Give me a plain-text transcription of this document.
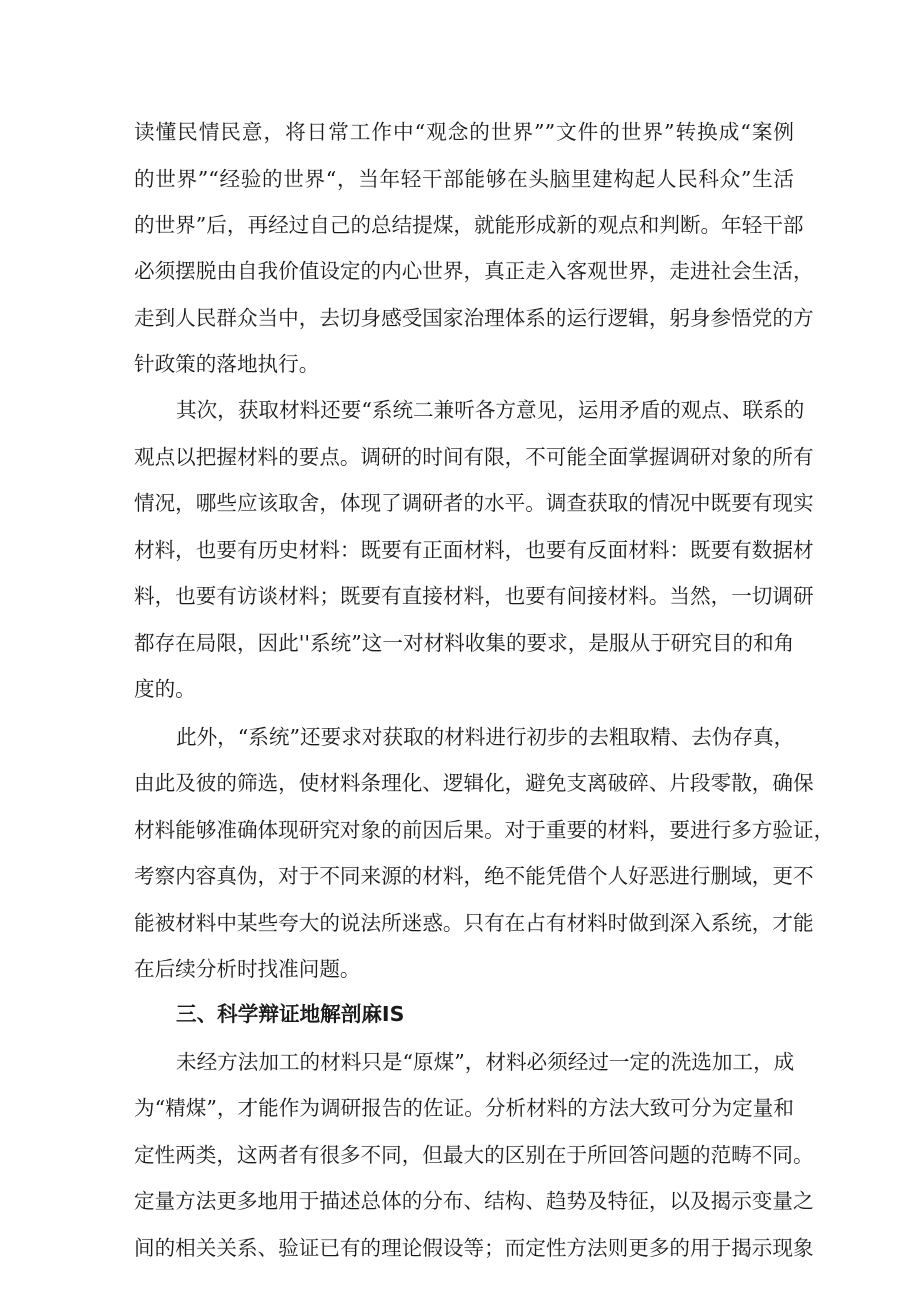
读懂民情民意，将日常工作中“观念的世界””文件的世界”转换成“案例
的世界”“经验的世界“，当年轻干部能够在头脑里建构起人民科众”生活
的世界”后，再经过自己的总结提煤，就能形成新的观点和判断。年轻干部
必须摆脱由自我价值设定的内心世界，真正走入客观世界，走进社会生活，
走到人民群众当中，去切身感受国家治理体系的运行逻辑，躬身参悟党的方
针政策的落地执行。
其次，获取材料还要“系统二兼听各方意见，运用矛盾的观点、联系的
观点以把握材料的要点。调研的时间有限，不可能全面掌握调研对象的所有
情况，哪些应该取舍，体现了调研者的水平。调查获取的情况中既要有现实
材料，也要有历史材料：既要有正面材料，也要有反面材料：既要有数据材
料，也要有访谈材料；既要有直接材料，也要有间接材料。当然，一切调研
都存在局限，因此''系统”这一对材料收集的要求，是服从于研究目的和角
度的。
此外，“系统”还要求对获取的材料进行初步的去粗取精、去伪存真，
由此及彼的筛选，使材料条理化、逻辑化，避免支离破碎、片段零散，确保
材料能够准确体现研究对象的前因后果。对于重要的材料，要进行多方验证，
考察内容真伪，对于不同来源的材料，绝不能凭借个人好恶进行删域，更不
能被材料中某些夸大的说法所迷惑。只有在占有材料时做到深入系统，才能
在后续分析时找准问题。
三、科学辩证地解剖麻IS
未经方法加工的材料只是“原煤”，材料必须经过一定的洗选加工，成
为“精煤”，才能作为调研报告的佐证。分析材料的方法大致可分为定量和
定性两类，这两者有很多不同，但最大的区别在于所回答问题的范畴不同。
定量方法更多地用于描述总体的分布、结构、趋势及特征，以及揭示变量之
间的相关关系、验证已有的理论假设等；而定性方法则更多的用于揭示现象
